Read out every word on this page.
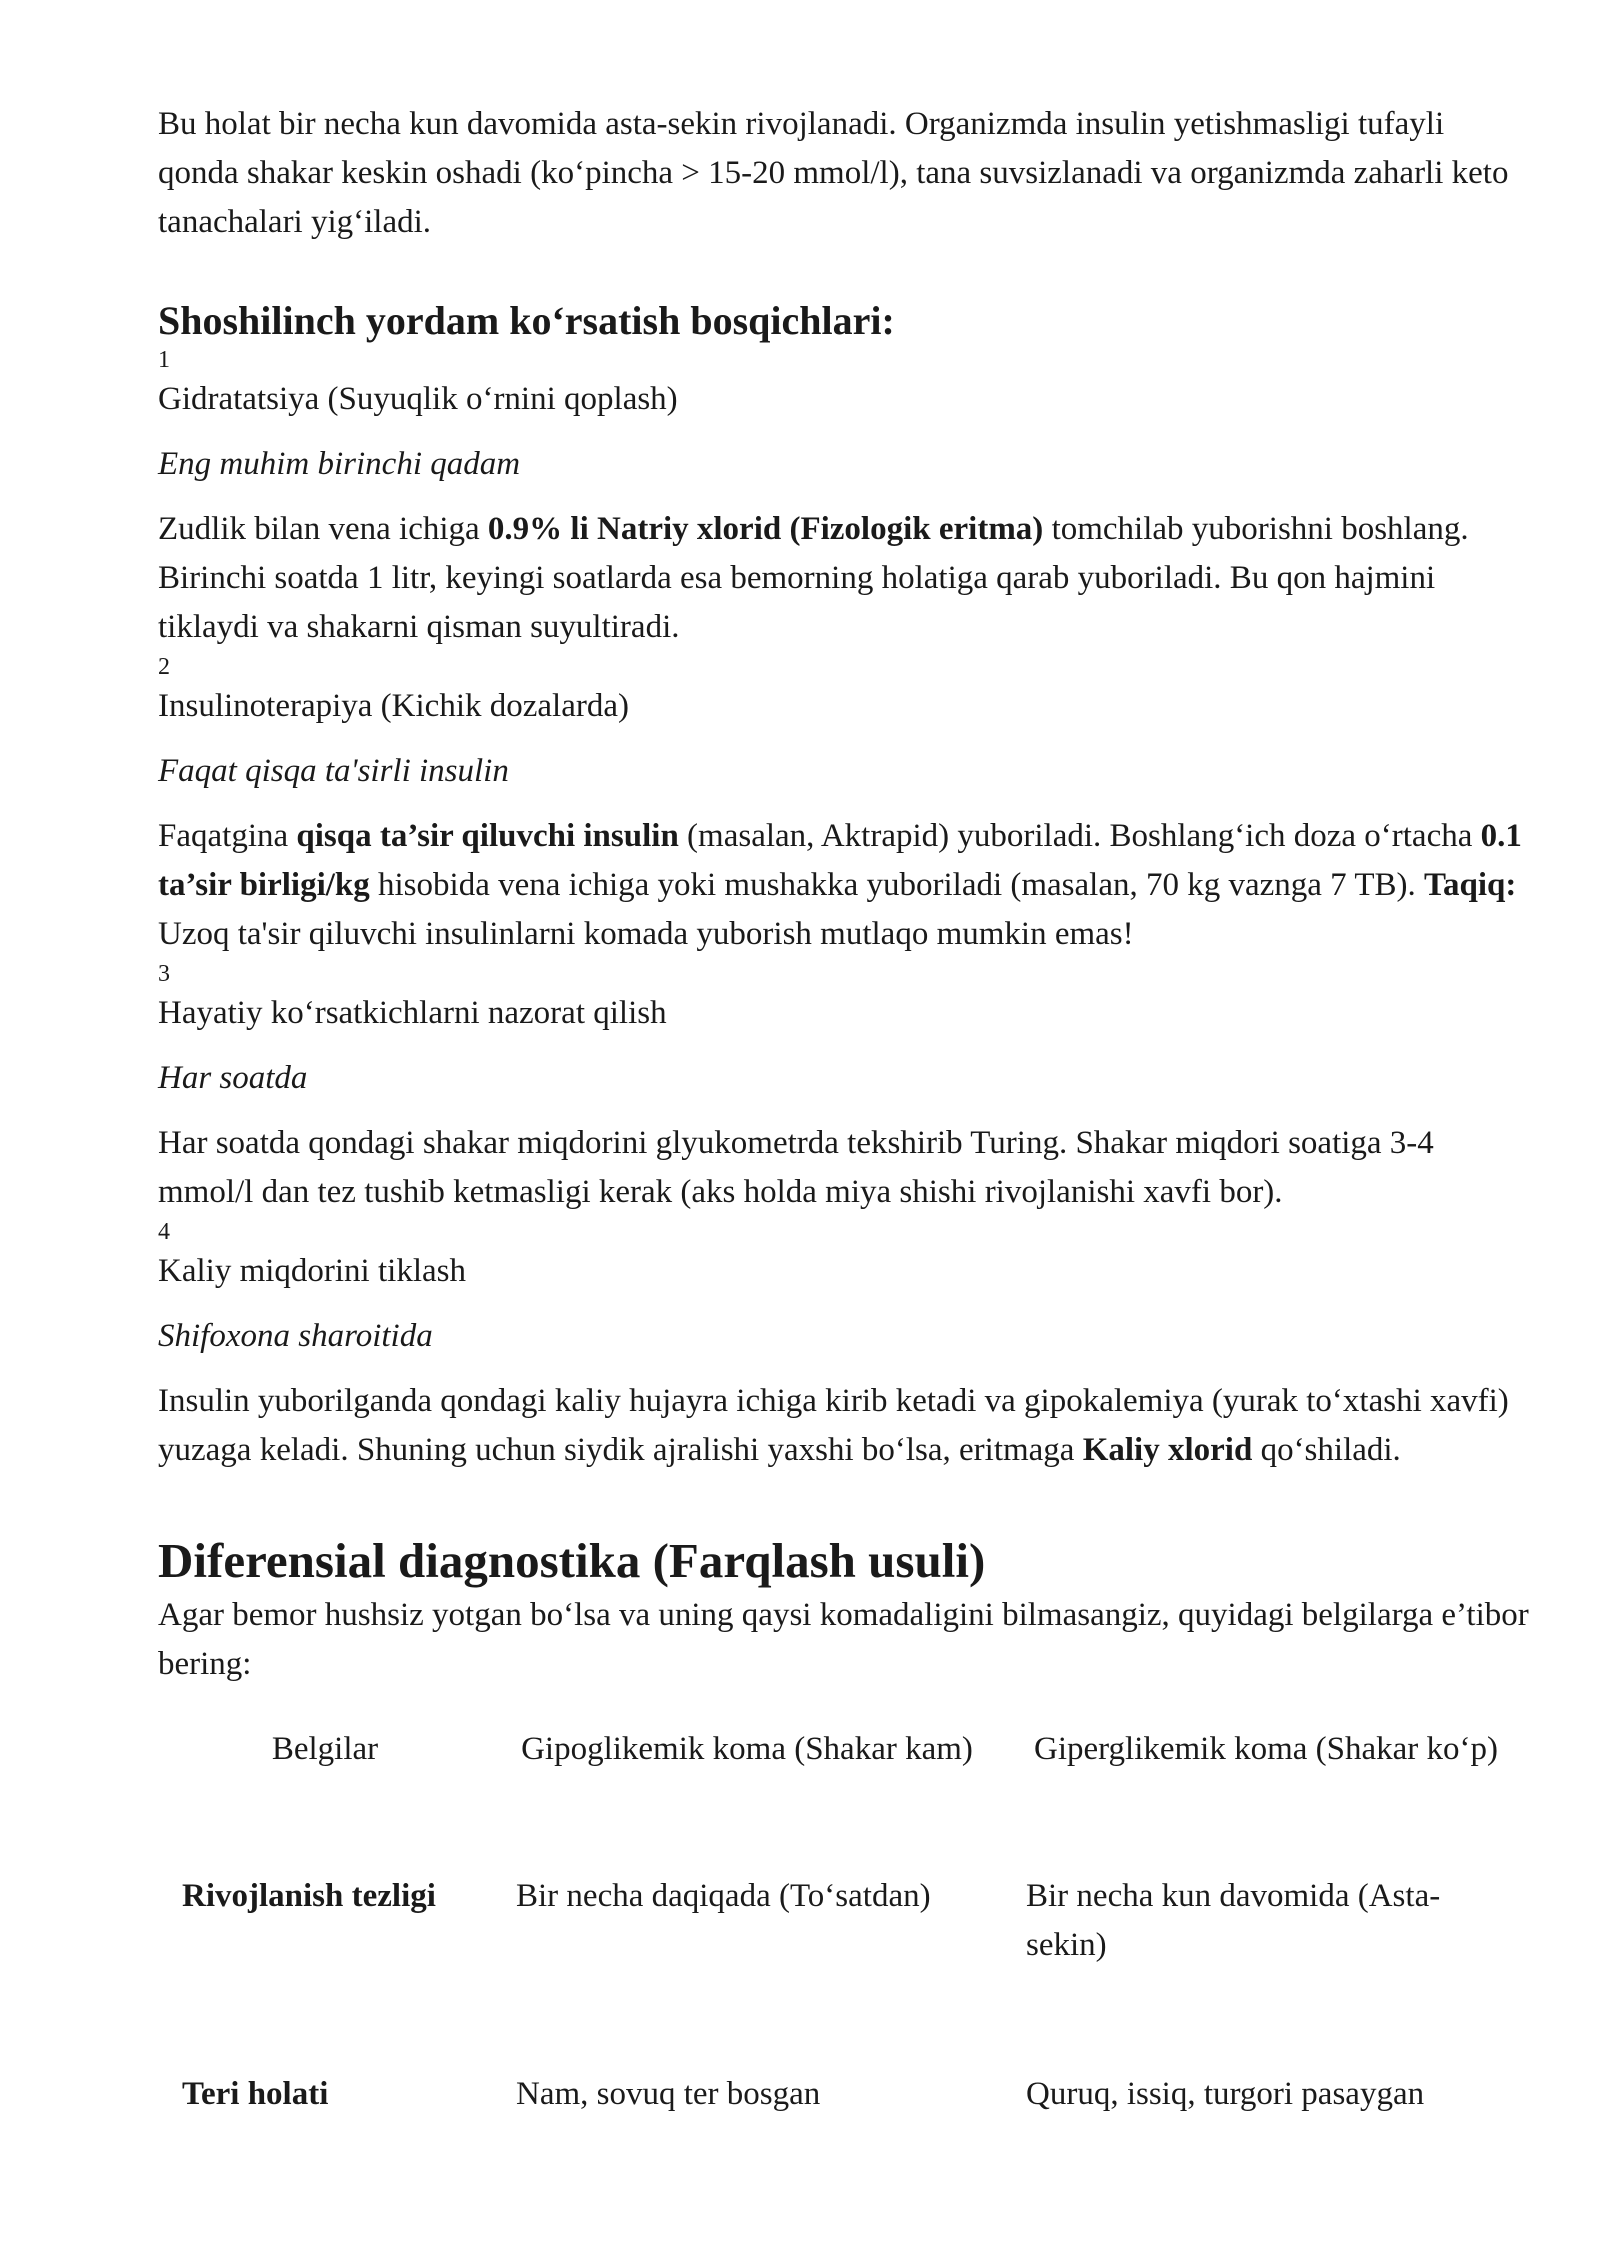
Bu holat bir necha kun davomida asta-sekin rivojlanadi. Organizmda insulin yetishmasligi tufayli qonda shakar keskin oshadi (ko‘pincha > 15-20 mmol/l), tana suvsizlanadi va organizmda zaharli keto tanachalari yig‘iladi.

Shoshilinch yordam ko‘rsatish bosqichlari:

1

Gidratatsiya (Suyuqlik o‘rnini qoplash)

Eng muhim birinchi qadam

Zudlik bilan vena ichiga 0.9% li Natriy xlorid (Fizologik eritma) tomchilab yuborishni boshlang. Birinchi soatda 1 litr, keyingi soatlarda esa bemorning holatiga qarab yuboriladi. Bu qon hajmini tiklaydi va shakarni qisman suyultiradi.

2

Insulinoterapiya (Kichik dozalarda)

Faqat qisqa ta'sirli insulin

Faqatgina qisqa ta’sir qiluvchi insulin (masalan, Aktrapid) yuboriladi. Boshlang‘ich doza o‘rtacha 0.1 ta’sir birligi/kg hisobida vena ichiga yoki mushakka yuboriladi (masalan, 70 kg vaznga 7 TB). Taqiq: Uzoq ta'sir qiluvchi insulinlarni komada yuborish mutlaqo mumkin emas!

3

Hayatiy ko‘rsatkichlarni nazorat qilish

Har soatda

Har soatda qondagi shakar miqdorini glyukometrda tekshirib Turing. Shakar miqdori soatiga 3-4 mmol/l dan tez tushib ketmasligi kerak (aks holda miya shishi rivojlanishi xavfi bor).

4

Kaliy miqdorini tiklash

Shifoxona sharoitida

Insulin yuborilganda qondagi kaliy hujayra ichiga kirib ketadi va gipokalemiya (yurak to‘xtashi xavfi) yuzaga keladi. Shuning uchun siydik ajralishi yaxshi bo‘lsa, eritmaga Kaliy xlorid qo‘shiladi.

Diferensial diagnostika (Farqlash usuli)

Agar bemor hushsiz yotgan bo‘lsa va uning qaysi komadaligini bilmasangiz, quyidagi belgilarga e’tibor bering:

Belgilar	Gipoglikemik koma (Shakar kam)	Giperglikemik koma (Shakar ko‘p)
Rivojlanish tezligi	Bir necha daqiqada (To‘satdan)	Bir necha kun davomida (Asta-sekin)
Teri holati	Nam, sovuq ter bosgan	Quruq, issiq, turgori pasaygan
